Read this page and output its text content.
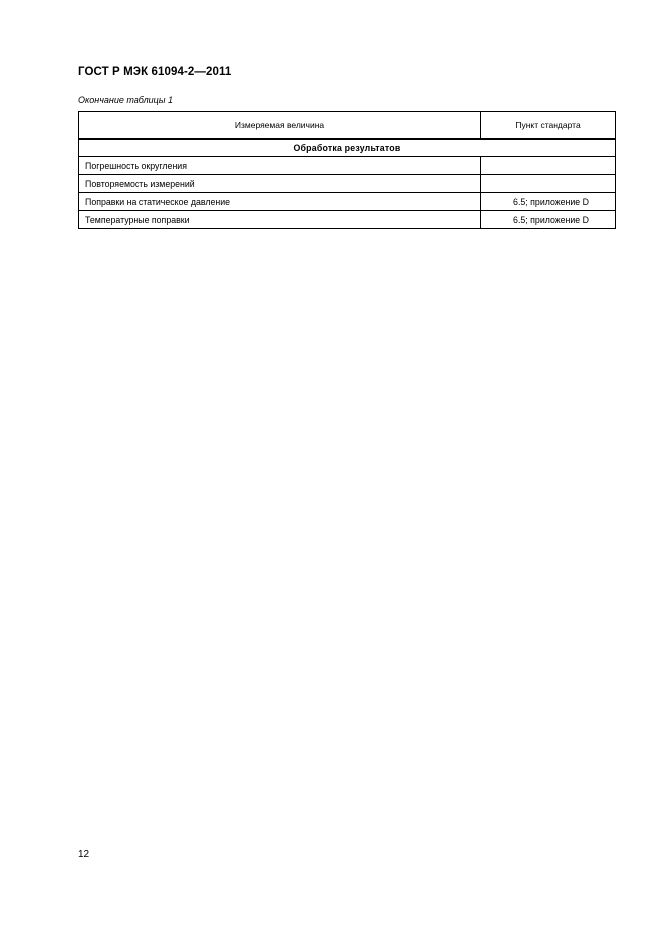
ГОСТ Р МЭК 61094-2—2011
Окончание таблицы 1
Измеряемая величина	Пункт стандарта
Обработка результатов	
Погрешность округления	
Повторяемость измерений	
Поправки на статическое давление	6.5; приложение D
Температурные поправки	6.5; приложение D
12
